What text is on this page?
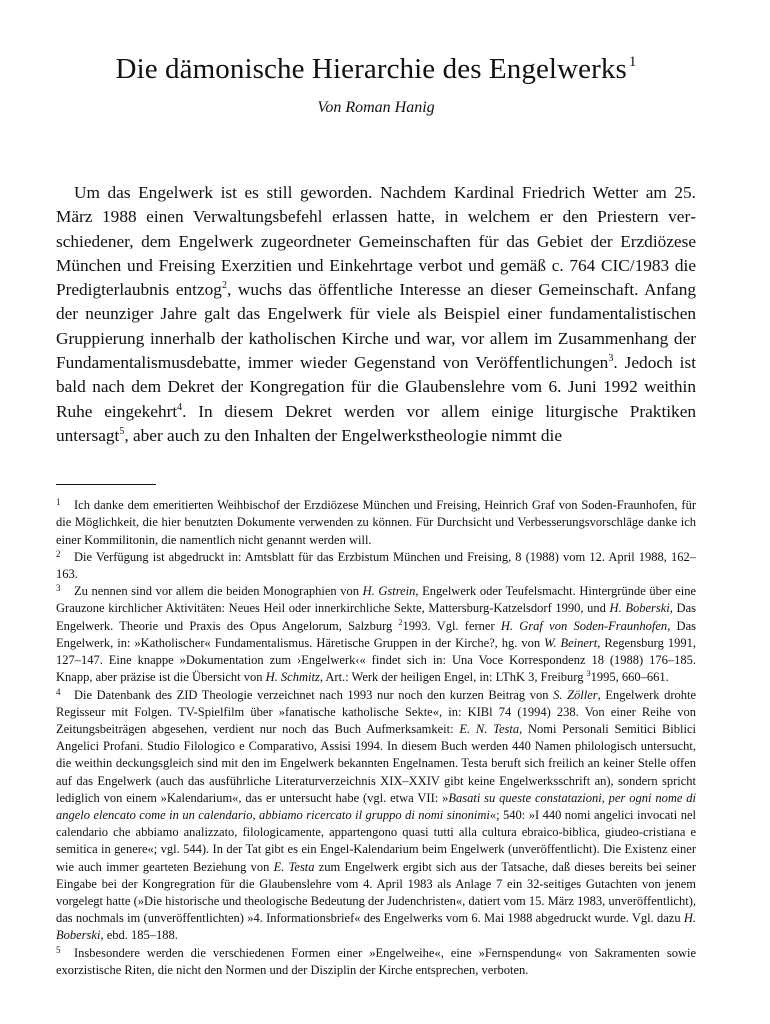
Die dämonische Hierarchie des Engelwerks $^1$
Von Roman Hanig
Um das Engelwerk ist es still geworden. Nachdem Kardinal Friedrich Wetter am 25. März 1988 einen Verwaltungsbefehl erlassen hatte, in welchem er den Priestern verschiedener, dem Engelwerk zugeordneter Gemeinschaften für das Gebiet der Erzdiözese München und Freising Exerzitien und Einkehrtage verbot und gemäß c. 764 CIC/1983 die Predigterlaubnis entzog$^2$, wuchs das öffentliche Interesse an dieser Gemeinschaft. Anfang der neunziger Jahre galt das Engelwerk für viele als Beispiel einer fundamentalistischen Gruppierung innerhalb der katholischen Kirche und war, vor allem im Zusammenhang der Fundamentalismusdebatte, immer wieder Gegenstand von Veröffentlichungen$^3$. Jedoch ist bald nach dem Dekret der Kongregation für die Glaubenslehre vom 6. Juni 1992 weithin Ruhe eingekehrt$^4$. In diesem Dekret werden vor allem einige liturgische Praktiken untersagt$^5$, aber auch zu den Inhalten der Engelwerkstheologie nimmt die

1 Ich danke dem emeritierten Weihbischof der Erzdiözese München und Freising, Heinrich Graf von Soden-Fraunhofen, für die Möglichkeit, die hier benutzten Dokumente verwenden zu können. Für Durchsicht und Verbesserungsvorschläge danke ich einer Kommilitonin, die namentlich nicht genannt werden will.

2 Die Verfügung ist abgedruckt in: Amtsblatt für das Erzbistum München und Freising, 8 (1988) vom 12. April 1988, 162–163.

3 Zu nennen sind vor allem die beiden Monographien von H. Gstrein, Engelwerk oder Teufelsmacht. Hintergründe über eine Grauzone kirchlicher Aktivitäten: Neues Heil oder innerkirchliche Sekte, Mattersburg-Katzelsdorf 1990, und H. Boberski, Das Engelwerk. Theorie und Praxis des Opus Angelorum, Salzburg $^2$1993. Vgl. ferner H. Graf von Soden-Fraunhofen, Das Engelwerk, in: »Katholischer« Fundamentalismus. Häretische Gruppen in der Kirche?, hg. von W. Beinert, Regensburg 1991, 127–147. Eine knappe »Dokumentation zum ›Engelwerk‹« findet sich in: Una Voce Korrespondenz 18 (1988) 176–185. Knapp, aber präzise ist die Übersicht von H. Schmitz, Art.: Werk der heiligen Engel, in: LThK 3, Freiburg $^3$1995, 660–661.

4 Die Datenbank des ZID Theologie verzeichnet nach 1993 nur noch den kurzen Beitrag von S. Zöller, Engelwerk drohte Regisseur mit Folgen. TV-Spielfilm über »fanatische katholische Sekte«, in: KIBl 74 (1994) 238. Von einer Reihe von Zeitungsbeiträgen abgesehen, verdient nur noch das Buch Aufmerksamkeit: E. N. Testa, Nomi Personali Semitici Biblici Angelici Profani. Studio Filologico e Comparativo, Assisi 1994. In diesem Buch werden 440 Namen philologisch untersucht, die weithin deckungsgleich sind mit den im Engelwerk bekannten Engelnamen. Testa beruft sich freilich an keiner Stelle offen auf das Engelwerk (auch das ausführliche Literaturverzeichnis XIX–XXIV gibt keine Engelwerksschrift an), sondern spricht lediglich von einem »Kalendarium«, das er untersucht habe (vgl. etwa VII: »Basati su queste constatazioni, per ogni nome di angelo elencato come in un calendario, abbiamo ricercato il gruppo di nomi sinonimi«; 540: »I 440 nomi angelici invocati nel calendario che abbiamo analizzato, filologicamente, appartengono quasi tutti alla cultura ebraico-biblica, giudeo-cristiana e semitica in genere«; vgl. 544). In der Tat gibt es ein Engel-Kalendarium beim Engelwerk (unveröffentlicht). Die Existenz einer wie auch immer gearteten Beziehung von E. Testa zum Engelwerk ergibt sich aus der Tatsache, daß dieses bereits bei seiner Eingabe bei der Kongregration für die Glaubenslehre vom 4. April 1983 als Anlage 7 ein 32-seitiges Gutachten von jenem vorgelegt hatte (»Die historische und theologische Bedeutung der Judenchristen«, datiert vom 15. März 1983, unveröffentlicht), das nochmals im (unveröffentlichten) »4. Informationsbrief« des Engelwerks vom 6. Mai 1988 abgedruckt wurde. Vgl. dazu H. Boberski, ebd. 185–188.

5 Insbesondere werden die verschiedenen Formen einer »Engelweihe«, eine »Fernspendung« von Sakramenten sowie exorzistische Riten, die nicht den Normen und der Disziplin der Kirche entsprechen, verboten.
